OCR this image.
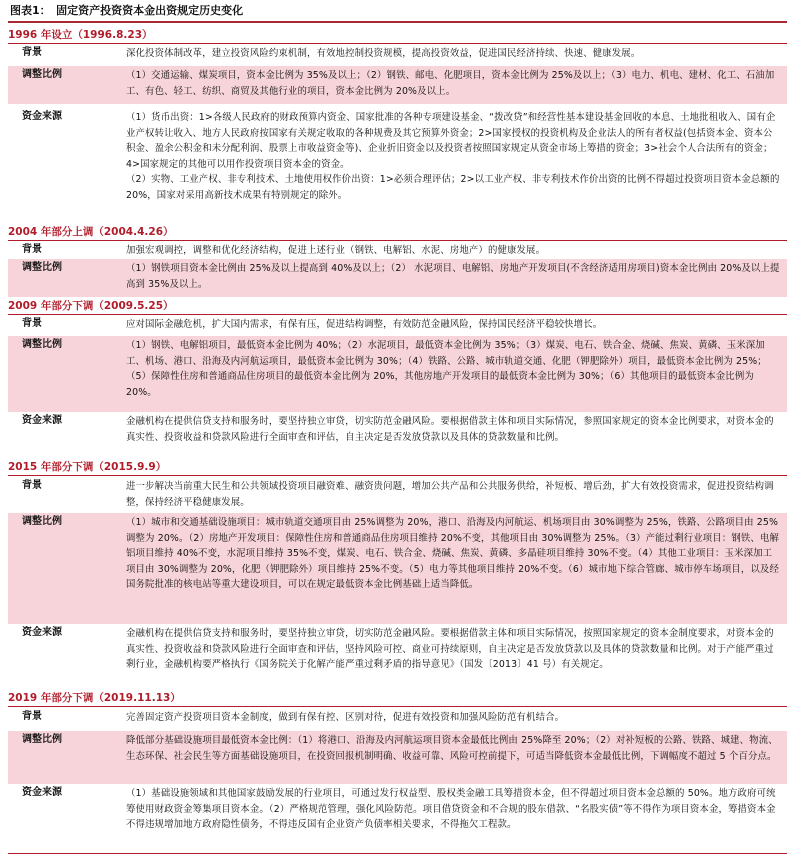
图表1：　固定资产投资资本金出资规定历史变化
1996 年设立（1996.8.23）
背景	深化投资体制改革，建立投资风险约束机制，有效地控制投资规模，提高投资效益，促进国民经济持续、快速、健康发展。

调整比例	（1）交通运输、煤炭项目，资本金比例为 35%及以上；（2）钢铁、邮电、化肥项目，资本金比例为 25%及以上；（3）电力、机电、建材、化工、石油加工、有色、轻工、纺织、商贸及其他行业的项目，资本金比例为 20%及以上。

资金来源	（1）货币出资：1>各级人民政府的财政预算内资金、国家批准的各种专项建设基金、“拨改贷”和经营性基本建设基金回收的本息、土地批租收入、国有企业产权转让收入、地方人民政府按国家有关规定收取的各种规费及其它预算外资金；2>国家授权的投资机构及企业法人的所有者权益(包括资本金、资本公积金、盈余公积金和未分配利润、股票上市收益资金等)、企业折旧资金以及投资者按照国家规定从资金市场上筹措的资金；3>社会个人合法所有的资金；4>国家规定的其他可以用作投资项目资本金的资金。

（2）实物、工业产权、非专利技术、土地使用权作价出资：1>必须合理评估；2>以工业产权、非专利技术作价出资的比例不得超过投资项目资本金总额的 20%，国家对采用高新技术成果有特别规定的除外。

2004 年部分上调（2004.4.26）
背景	加强宏观调控，调整和优化经济结构，促进上述行业（钢铁、电解铝、水泥、房地产）的健康发展。

调整比例	（1）钢铁项目资本金比例由 25%及以上提高到 40%及以上；（2） 水泥项目、电解铝、房地产开发项目(不含经济适用房项目)资本金比例由 20%及以上提高到 35%及以上。

2009 年部分下调（2009.5.25）
背景	应对国际金融危机，扩大国内需求，有保有压，促进结构调整，有效防范金融风险，保持国民经济平稳较快增长。

调整比例	（1）钢铁、电解铝项目，最低资本金比例为 40%；（2）水泥项目，最低资本金比例为 35%；（3）煤炭、电石、铁合金、烧碱、焦炭、黄磷、玉米深加工、机场、港口、沿海及内河航运项目，最低资本金比例为 30%；（4）铁路、公路、城市轨道交通、化肥（钾肥除外）项目，最低资本金比例为 25%；（5）保障性住房和普通商品住房项目的最低资本金比例为 20%，其他房地产开发项目的最低资本金比例为 30%；（6）其他项目的最低资本金比例为 20%。

资金来源	金融机构在提供信贷支持和服务时，要坚持独立审贷，切实防范金融风险。要根据借款主体和项目实际情况，参照国家规定的资本金比例要求，对资本金的真实性、投资收益和贷款风险进行全面审查和评估，自主决定是否发放贷款以及具体的贷款数量和比例。

2015 年部分下调（2015.9.9）
背景	进一步解决当前重大民生和公共领域投资项目融资难、融资贵问题，增加公共产品和公共服务供给，补短板、增后劲，扩大有效投资需求，促进投资结构调整，保持经济平稳健康发展。

调整比例	（1）城市和交通基础设施项目：城市轨道交通项目由 25%调整为 20%，港口、沿海及内河航运、机场项目由 30%调整为 25%，铁路、公路项目由 25%调整为 20%。（2）房地产开发项目：保障性住房和普通商品住房项目维持 20%不变，其他项目由 30%调整为 25%。（3）产能过剩行业项目：钢铁、电解铝项目维持 40%不变，水泥项目维持 35%不变，煤炭、电石、铁合金、烧碱、焦炭、黄磷、多晶硅项目维持 30%不变。（4）其他工业项目：玉米深加工项目由 30%调整为 20%，化肥（钾肥除外）项目维持 25%不变。（5）电力等其他项目维持 20%不变。（6）城市地下综合管廊、城市停车场项目，以及经国务院批准的核电站等重大建设项目，可以在规定最低资本金比例基础上适当降低。

资金来源	金融机构在提供信贷支持和服务时，要坚持独立审贷，切实防范金融风险。要根据借款主体和项目实际情况，按照国家规定的资本金制度要求，对资本金的真实性、投资收益和贷款风险进行全面审查和评估，坚持风险可控、商业可持续原则，自主决定是否发放贷款以及具体的贷款数量和比例。对于产能严重过剩行业，金融机构要严格执行《国务院关于化解产能严重过剩矛盾的指导意见》（国发〔2013〕41 号）有关规定。

2019 年部分下调（2019.11.13）
背景	完善固定资产投资项目资本金制度，做到有保有控、区别对待，促进有效投资和加强风险防范有机结合。

调整比例	降低部分基础设施项目最低资本金比例：（1）将港口、沿海及内河航运项目资本金最低比例由 25%降至 20%；（2）对补短板的公路、铁路、城建、物流、生态环保、社会民生等方面基础设施项目，在投资回报机制明确、收益可靠、风险可控前提下，可适当降低资本金最低比例，下调幅度不超过 5 个百分点。

资金来源	（1）基础设施领域和其他国家鼓励发展的行业项目，可通过发行权益型、股权类金融工具筹措资本金，但不得超过项目资本金总额的 50%。地方政府可统筹使用财政资金筹集项目资本金。（2）严格规范管理，强化风险防范。项目借贷资金和不合规的股东借款、“名股实债”等不得作为项目资本金，筹措资本金不得违规增加地方政府隐性债务，不得违反国有企业资产负债率相关要求，不得拖欠工程款。
